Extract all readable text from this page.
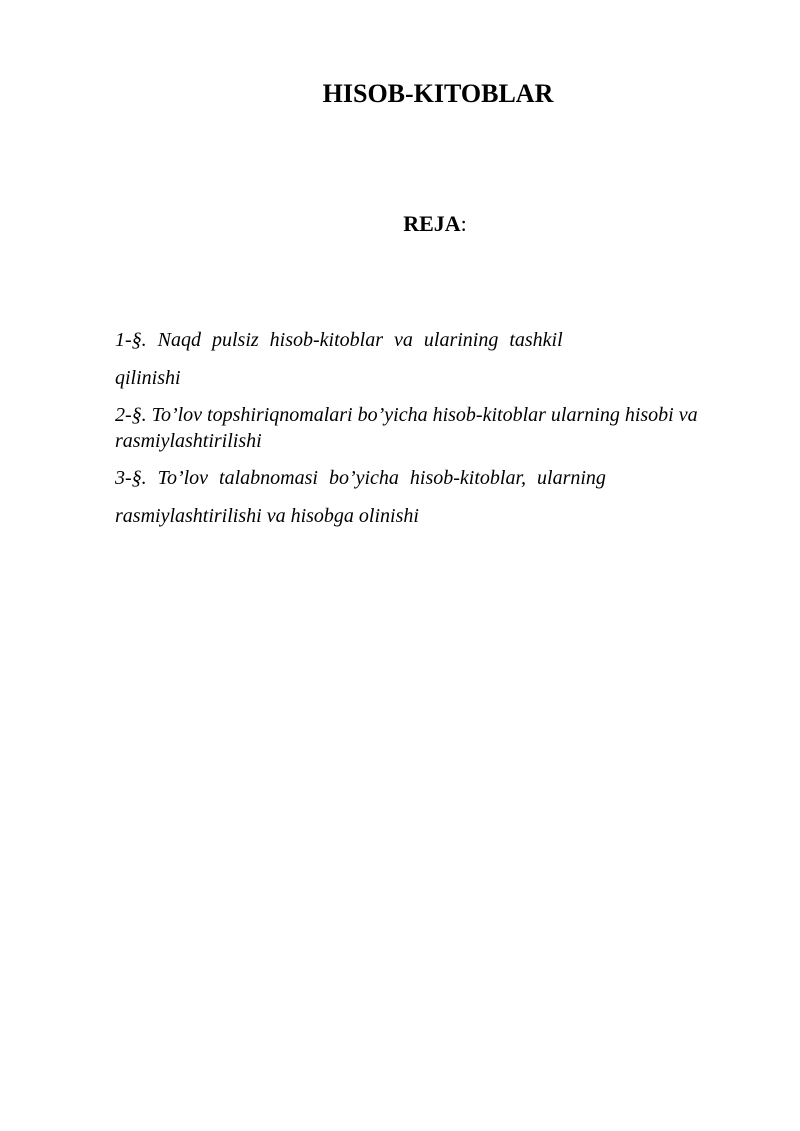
HISOB-KITOBLAR

REJA:

1-§. Naqd pulsiz hisob-kitoblar va ularining tashkil

qilinishi

2-§. To’lov topshiriqnomalari bo’yicha hisob-kitoblar ularning hisobi va

rasmiylashtirilishi

3-§. To’lov talabnomasi bo’yicha hisob-kitoblar, ularning

rasmiylashtirilishi va hisobga olinishi
